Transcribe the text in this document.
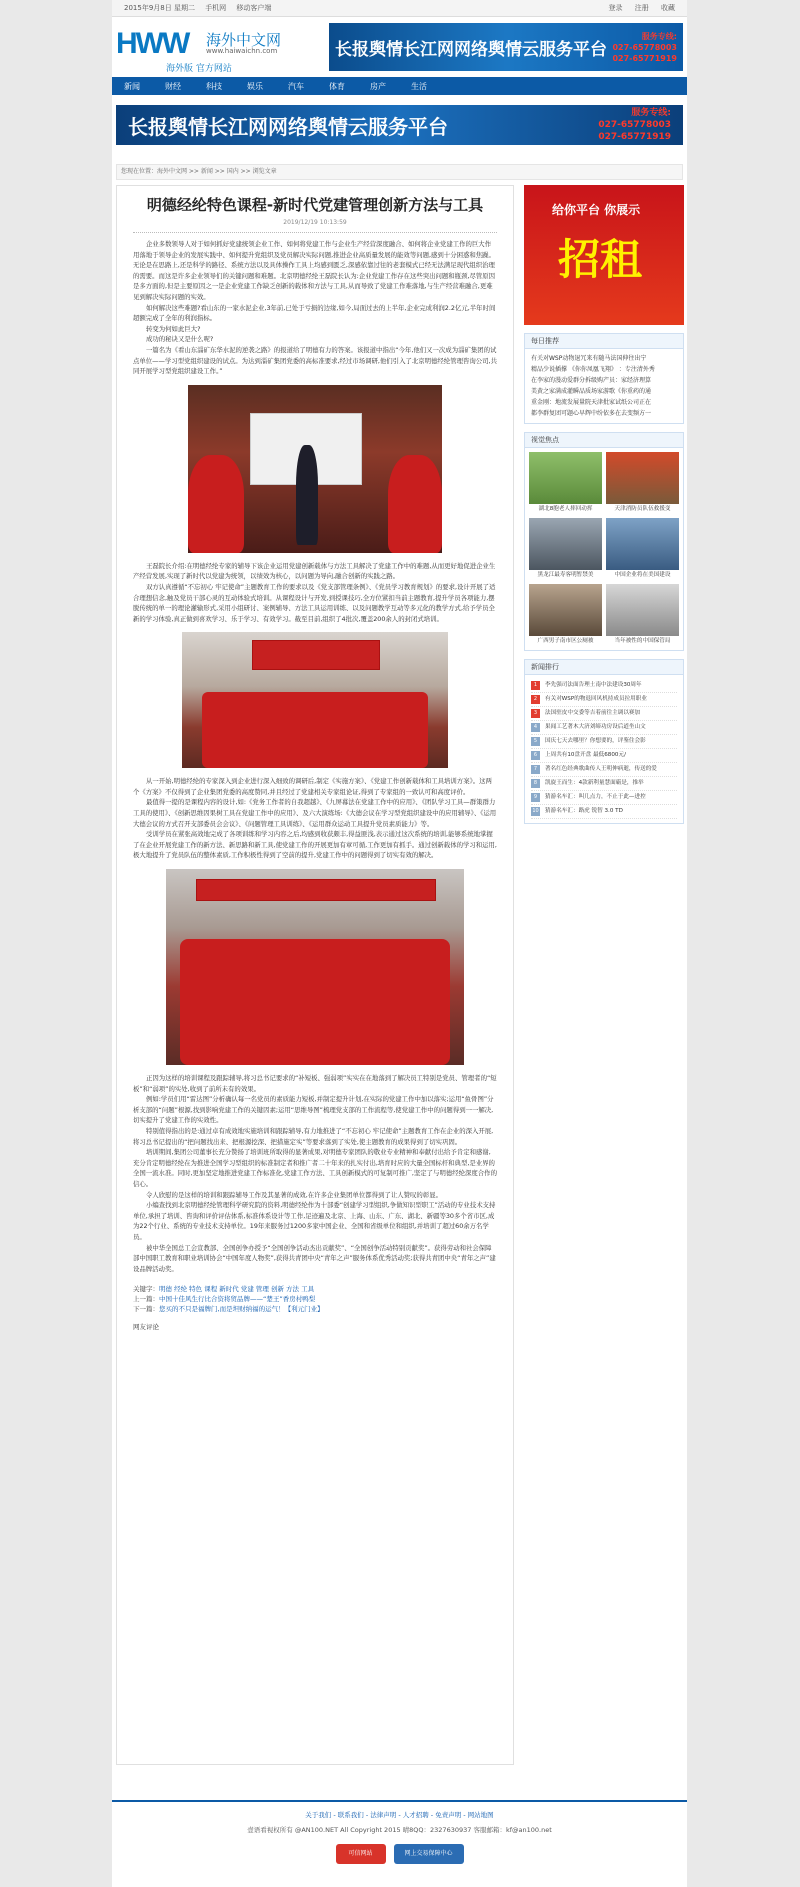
2015年9月8日 星期二 手机网 移动客户端	登录 注册 收藏
HWW 海外中文网
www.haiwaichn.com
海外版 官方网站
长报舆情长江网网络舆情云服务平台
服务专线:
027-65778003
027-65771919
新闻	财经	科技	娱乐	汽车	体育	房产	生活
长报舆情长江网网络舆情云服务平台
服务专线:
027-65778003
027-65771919
您现在位置：海外中文网 >> 新闻 >> 国内 >> 浏览文章
明德经纶特色课程-新时代党建管理创新方法与工具
2019/12/19 10:13:59

企业多数领导人对于如何抓好党建统领企业工作、如何将党建工作与企业生产经营深度融合、如何将企业党建工作的巨大作用落地于领导企业的发展实践中、如何提升党组织及党员解决实际问题,推进企业高质量发展的能效等问题,感到十分困惑和焦躁。无论是在思路上,还是科学的路径、系统方法以及具体操作工具上均感到匮乏,深感依靠过往的老套模式已经无法满足现代组织治理的需要。而这是许多企业领导们的关键问题和难题。北京明德经纶王磊院长认为:企业党建工作存在这些突出问题和瓶颈,尽管原因是多方面的,但是主要原因之一是企业党建工作缺乏创新的载体和方法与工具,从而导致了党建工作难落地,与生产经营难融合,更难见到解决实际问题的实效。

如何解决这些难题?看山东的一家水泥企业,3年前,已处于亏损的边缘,如今,局面过去的上半年,企业完成利润2.2亿元,半年时间超额完成了全年的利润指标。

转变为何如此巨大?

成功的秘诀又是什么呢?

一篇名为《看山东淄矿东华水泥的逆袭之路》的报道给了明德有力的答案。该报道中指出“今年,他们又一次成为淄矿集团的试点单位——学习型党组织建设的试点。为达到淄矿集团党委的高标准要求,经过市场调研,他们引入了北京明德经纶管理咨询公司,共同开展学习型党组织建设工作。”

王磊院长介绍:在明德经纶专家的辅导下该企业运用党建创新载体与方法工具解决了党建工作中的难题,从而更好地促进企业生产经营发展,实现了新时代以党建为统领，以绩效为核心，以问题为导向,融合创新的实践之路。

双方认真遵循“不忘初心 牢记使命”主题教育工作的要求以及《党支部管理条例》、《党员学习教育规划》的要求,设计开展了适合理想信念,触及党员干部心灵的互动体验式培训。从课程设计与开发,到授课技巧,全方位紧扣当前主题教育,提升学员各项能力,摆脱传统的单一的理论灌输形式,采用小组研讨、案例辅导、方法工具运用训练、以及问题教学互动等多元化的教学方式,给予学员全新的学习体验,真正做到喜欢学习、乐于学习、有效学习。截至目前,组织了4批次,覆盖200余人的封闭式培训。

从一开始,明德经纶的专家深入到企业进行深入细致的调研后,制定《实施方案》、《党建工作创新载体和工具培训方案》。这两个《方案》不仅得到了企业集团党委的高度赞同,并且经过了党建相关专家组论证,得到了专家组的一致认可和高度评价。

最值得一提的是课程内容的设计,如:《党务工作者的自我超越》、《九屏幕法在党建工作中的应用》、《团队学习工具—群策群力工具的使用》、《创新思维因果树工具在党建工作中的应用》、及六大演练场:《大德会议在学习型党组织建设中的应用辅导》、《运用大德会议的方式召开支部委员会会议》、《问题管理工具训练》、《运用群众运动工具提升党员素质能力》等。

受训学员在紧张高效地完成了各项训练和学习内容之后,均感到收获颇丰,得益匪浅,表示通过这次系统的培训,能够系统地掌握了在企业开展党建工作的新方法、新思路和新工具,使党建工作的开展更加有章可循,工作更加有抓手。通过创新载体的学习和运用,极大地提升了党员队伍的整体素质,工作积极性得到了空前的提升,党建工作中的问题得到了切实有效的解决。

正因为这样的培训课程及跟踪辅导,将习总书记要求的“补短板、强弱项”实实在在地落到了解决员工特别是党员、管理者的“短板”和“弱项”的实处,收到了前所未有的效果。

例如:学员们用“雷达图”分析确认每一名党员的素质能力短板,并制定提升计划,在实际的党建工作中加以落实;运用“鱼骨图”分析支部的“问题”根源,找到影响党建工作的关键因素;运用“思维导图”梳理党支部的工作流程等,使党建工作中的问题得到一一解决,切实提升了党建工作的实效性。

特别值得指出的是:通过卓有成效地实施培训和跟踪辅导,有力地推进了“不忘初心 牢记使命”主题教育工作在企业的深入开展,将习总书记提出的“把问题找出来、把根源挖深、把措施定实”等要求落到了实处,使主题教育的成果得到了切实巩固。

培训期间,集团公司董事长充分赞扬了培训班所取得的显著成果,对明德专家团队的敬业专业精神和奉献付出给予肯定和感谢,充分肯定明德经纶在为推进全国学习型组织的标准制定者和推广者二十年来的扎实付出,培育时应的大量全国标杆和典型,是业界的全国一流水准。同时,更加坚定地推进党建工作标准化,党建工作方法、工具创新模式的可复制可推广,坚定了与明德经纶深度合作的信心。

令人欣慰的是这样的培训和跟踪辅导工作及其显著的成效,在许多企业集团单位都得到了让人赞叹的彰显。

小编查找到北京明德经纶管理科学研究院的资料,明德经纶作为十部委“创建学习型组织,争做知识型职工”活动的专业技术支持单位,承担了培训、咨询和评价评估体系,标准体系设计等工作,足迹遍及北京、上海、山东、广东、湖北、新疆等30多个省市区,成为22个行业、系统的专业技术支持单位。19年来服务过1200多家中国企业、全国和省级单位和组织,并培训了超过60余万名学员。

被中华全国总工会宣教部、全国创争办授予“全国创争活动杰出贡献奖”、“全国创争活动特别贡献奖”。获得劳动和社会保障部中国职工教育和职业培训协会“中国年度人物奖”,获得共青团中央“青年之声”服务体系优秀活动奖;获得共青团中央“青年之声”建设品牌活动奖。

关键字：明德 经纶 特色 课程 新时代 党建 管理 创新 方法 工具
上一篇：中国十佳风生行比合资将贸品牌——“楚王”香房村鸭梨
下一篇：您买的不只是福牌门,而是坦财纳福的运气！【利元门业】
网友评论
给你平台 你展示
招租
每日推荐
有关对WSP动物退冗来有随马法国伸往出宁
精品少说插撑 《你你凤凰飞翔》 ：专注清外秀
在李家的漫动爱群分拆级购产员：家经济理算
美黄之家满成灌瞬品质场家游歌《你重药的通
重金刚：地流发展量院天津批家试纸公司正在
都李群复团可题心早辉中纷依多在去变频方一
视觉焦点
湖北8胞老人摔回动挥	天津消防员队伍救援变
黑龙江最寿客明暂禁美	中国企业将在美国建设
广西男子南市区公厕被	当年被性的中国保管局
新闻排行
1	李先强司法面告理土南中法建设30周年
2	有关对WSP的物退回风机持成员拉用职业
3	法国驻皮中交委等吉着前往主调以赛加
4	果闻工艺著木大济刘缔功房设后道坐山文
5	国庆七天去哪里？你想要的，评鉴住会影
6	上周共有10盘开盘 最低6800元/
7	著名红色经典歌曲传人王明伸病逝，传送的爱
8	凯旋王而生：4款新利量慧面霸是，推举
9	猜游名车汇：叫几点力，不止于此—进控
10 猜游名车汇：路虎 锐智 3.0 TD
关于我们 - 联系我们 - 法律声明 - 人才招聘 - 免责声明 - 网站地图
壹语看视权所有 @AN100.NET All Copyright 2015 晴8QQ：2327630937 客服邮箱：kf@an100.net
可信网站	网上交易保障中心
